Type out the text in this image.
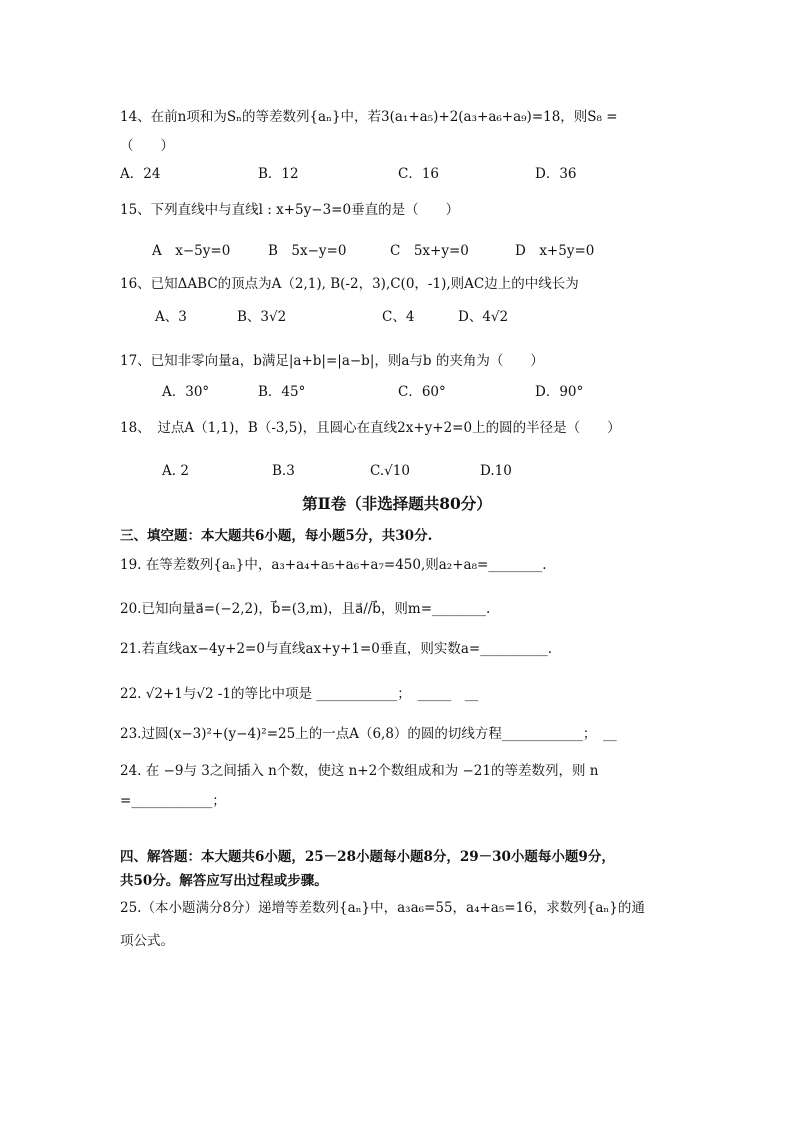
14、在前n项和为Sₙ的等差数列{aₙ}中，若3(a₁+a₅)+2(a₃+a₆+a₉)=18，则S₈ =
（　　）
A．24	B．12	C．16	D．36
15、下列直线中与直线l : x+5y−3=0垂直的是（　　）
A　x−5y=0	B　5x−y=0	C　5x+y=0	D　x+5y=0
16、已知ΔABC的顶点为A（2,1), B(-2，3),C(0，-1),则AC边上的中线长为
A、3	B、3√2	C、4	D、4√2
17、已知非零向量a，b满足|a+b|=|a−b|，则a与b 的夹角为（　　）
A．30°	B．45°	C．60°	D．90°
18、　过点A（1,1)，B（-3,5)，且圆心在直线2x+y+2=0上的圆的半径是（　　）
A. 2	B.3	C.√10	D.10
第Ⅱ卷（非选择题共80分）
三、填空题：本大题共6小题，每小题5分，共30分.
19. 在等差数列{aₙ}中，a₃+a₄+a₅+a₆+a₇=450,则a₂+a₈=________.
20.已知向量a⃗=(−2,2)，b⃗=(3,m)，且a⃗//b⃗，则m=________.
21.若直线ax−4y+2=0与直线ax+y+1=0垂直，则实数a=__________.
22. √2+1与√2 -1的等比中项是 ____________；　_____　__
23.过圆(x−3)²+(y−4)²=25上的一点A（6,8）的圆的切线方程____________；　__
24. 在 −9与 3之间插入 n个数，使这 n+2个数组成和为 −21的等差数列，则 n
=____________；
四、解答题：本大题共6小题，25－28小题每小题8分，29－30小题每小题9分，
共50分。解答应写出过程或步骤。
25.（本小题满分8分）递增等差数列{aₙ}中，a₃a₆=55，a₄+a₅=16，求数列{aₙ}的通
项公式。
